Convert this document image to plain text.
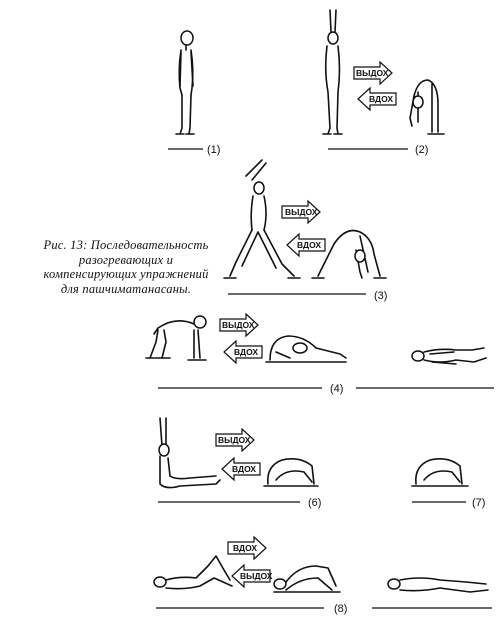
Рис. 13: Последовательность
разогревающих и
компенсирующих упражнений
для пашчиматанасаны.
(1)
ВЫДОХ
ВДОХ
(2)
ВЫДОХ
ВДОХ
(3)
ВЫДОХ
ВДОХ
(4)
ВЫДОХ
ВДОХ
(6)	(7)
ВДОХ
ВЫДОХ
(8)
